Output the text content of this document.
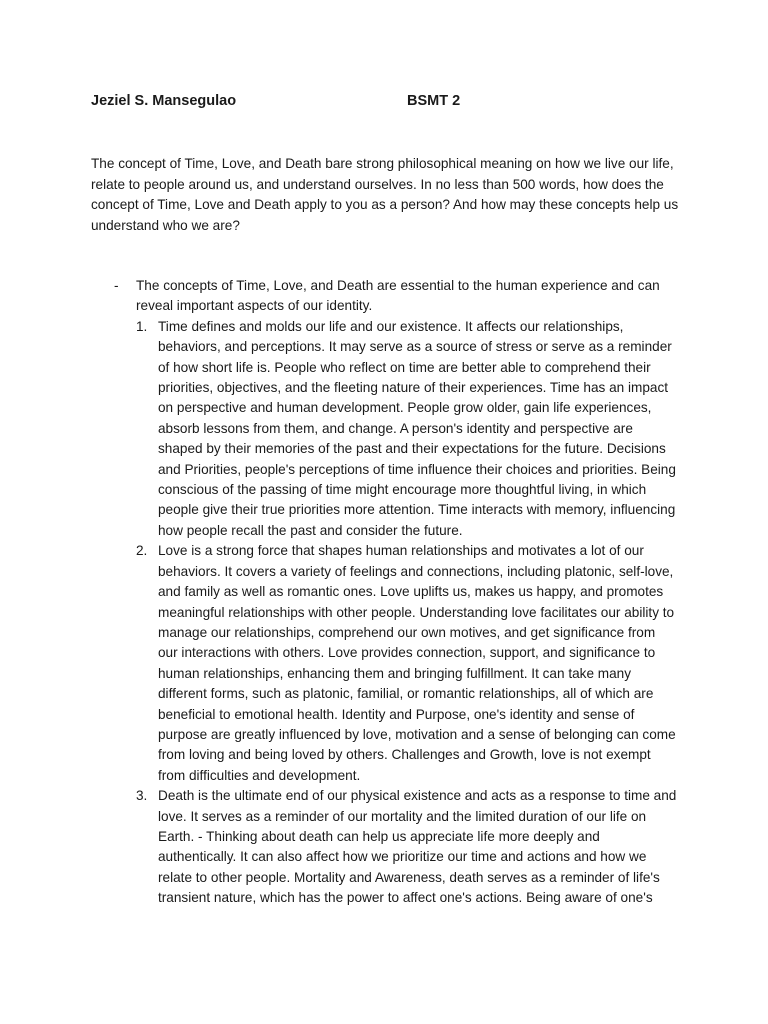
Jeziel S. Mansegulao	BSMT 2

The concept of Time, Love, and Death bare strong philosophical meaning on how we live our life, relate to people around us, and understand ourselves. In no less than 500 words, how does the concept of Time, Love and Death apply to you as a person? And how may these concepts help us understand who we are?

- The concepts of Time, Love, and Death are essential to the human experience and can reveal important aspects of our identity.
1. Time defines and molds our life and our existence. It affects our relationships, behaviors, and perceptions. It may serve as a source of stress or serve as a reminder of how short life is. People who reflect on time are better able to comprehend their priorities, objectives, and the fleeting nature of their experiences. Time has an impact on perspective and human development. People grow older, gain life experiences, absorb lessons from them, and change. A person's identity and perspective are shaped by their memories of the past and their expectations for the future. Decisions and Priorities, people's perceptions of time influence their choices and priorities. Being conscious of the passing of time might encourage more thoughtful living, in which people give their true priorities more attention. Time interacts with memory, influencing how people recall the past and consider the future.
2. Love is a strong force that shapes human relationships and motivates a lot of our behaviors. It covers a variety of feelings and connections, including platonic, self-love, and family as well as romantic ones. Love uplifts us, makes us happy, and promotes meaningful relationships with other people. Understanding love facilitates our ability to manage our relationships, comprehend our own motives, and get significance from our interactions with others. Love provides connection, support, and significance to human relationships, enhancing them and bringing fulfillment. It can take many different forms, such as platonic, familial, or romantic relationships, all of which are beneficial to emotional health. Identity and Purpose, one's identity and sense of purpose are greatly influenced by love, motivation and a sense of belonging can come from loving and being loved by others. Challenges and Growth, love is not exempt from difficulties and development.
3. Death is the ultimate end of our physical existence and acts as a response to time and love. It serves as a reminder of our mortality and the limited duration of our life on Earth. - Thinking about death can help us appreciate life more deeply and authentically. It can also affect how we prioritize our time and actions and how we relate to other people. Mortality and Awareness, death serves as a reminder of life's transient nature, which has the power to affect one's actions. Being aware of one's
